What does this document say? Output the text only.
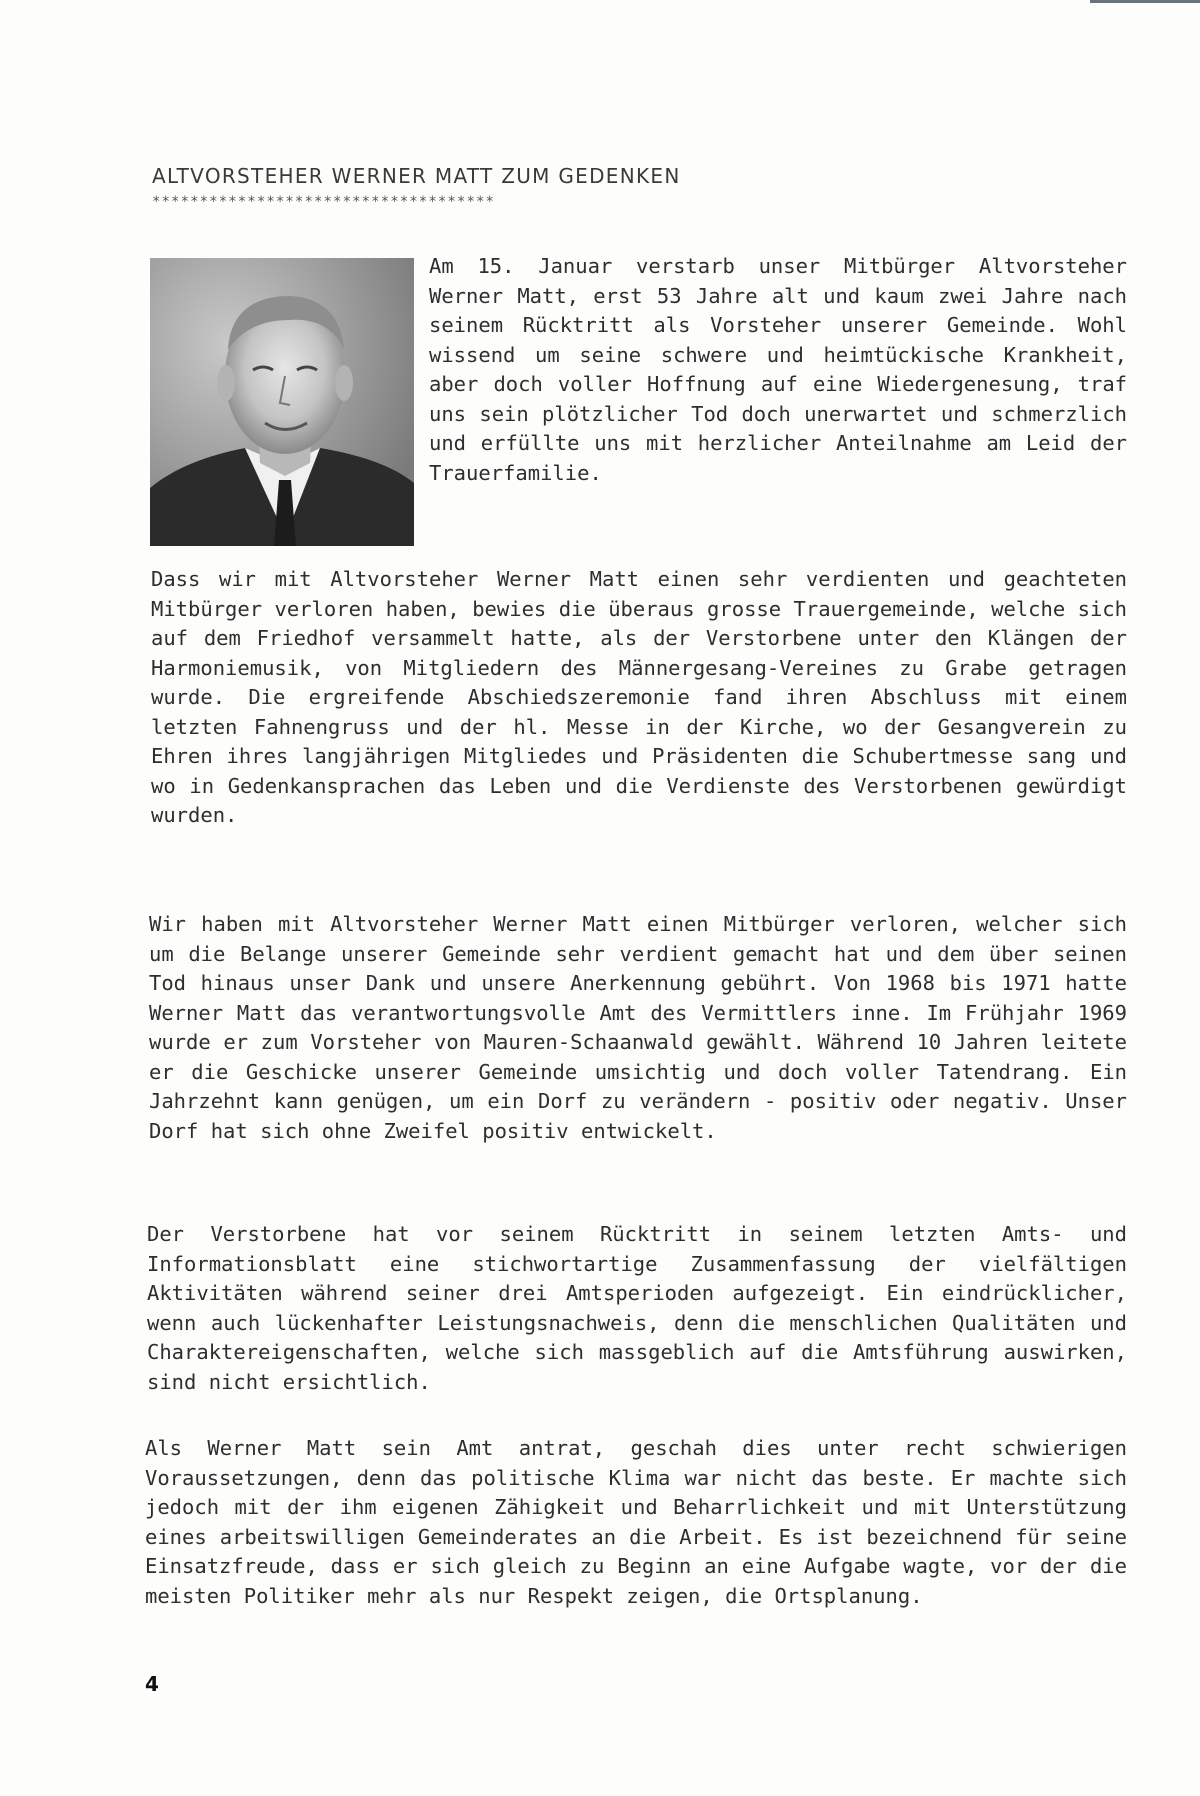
ALTVORSTEHER WERNER MATT ZUM GEDENKEN
************************************

Am 15. Januar verstarb unser Mitbürger Altvorsteher Werner Matt, erst 53 Jahre alt und kaum zwei Jahre nach seinem Rücktritt als Vorsteher unserer Gemeinde. Wohl wissend um seine schwere und heimtückische Krankheit, aber doch voller Hoffnung auf eine Wiedergenesung, traf uns sein plötzlicher Tod doch unerwartet und schmerzlich und erfüllte uns mit herzlicher Anteilnahme am Leid der Trauerfamilie.

Dass wir mit Altvorsteher Werner Matt einen sehr verdienten und geachteten Mitbürger verloren haben, bewies die überaus grosse Trauergemeinde, welche sich auf dem Friedhof versammelt hatte, als der Verstorbene unter den Klängen der Harmoniemusik, von Mitgliedern des Männergesang-Vereines zu Grabe getragen wurde. Die ergreifende Abschiedszeremonie fand ihren Abschluss mit einem letzten Fahnengruss und der hl. Messe in der Kirche, wo der Gesangverein zu Ehren ihres langjährigen Mitgliedes und Präsidenten die Schubertmesse sang und wo in Gedenkansprachen das Leben und die Verdienste des Verstorbenen gewürdigt wurden.

Wir haben mit Altvorsteher Werner Matt einen Mitbürger verloren, welcher sich um die Belange unserer Gemeinde sehr verdient gemacht hat und dem über seinen Tod hinaus unser Dank und unsere Anerkennung gebührt. Von 1968 bis 1971 hatte Werner Matt das verantwortungsvolle Amt des Vermittlers inne. Im Frühjahr 1969 wurde er zum Vorsteher von Mauren-Schaanwald gewählt. Während 10 Jahren leitete er die Geschicke unserer Gemeinde umsichtig und doch voller Tatendrang. Ein Jahrzehnt kann genügen, um ein Dorf zu verändern - positiv oder negativ. Unser Dorf hat sich ohne Zweifel positiv entwickelt.

Der Verstorbene hat vor seinem Rücktritt in seinem letzten Amts- und Informationsblatt eine stichwortartige Zusammenfassung der vielfältigen Aktivitäten während seiner drei Amtsperioden aufgezeigt. Ein eindrücklicher, wenn auch lückenhafter Leistungsnachweis, denn die menschlichen Qualitäten und Charaktereigenschaften, welche sich massgeblich auf die Amtsführung auswirken, sind nicht ersichtlich.

Als Werner Matt sein Amt antrat, geschah dies unter recht schwierigen Voraussetzungen, denn das politische Klima war nicht das beste. Er machte sich jedoch mit der ihm eigenen Zähigkeit und Beharrlichkeit und mit Unterstützung eines arbeitswilligen Gemeinderates an die Arbeit. Es ist bezeichnend für seine Einsatzfreude, dass er sich gleich zu Beginn an eine Aufgabe wagte, vor der die meisten Politiker mehr als nur Respekt zeigen, die Ortsplanung.

4
